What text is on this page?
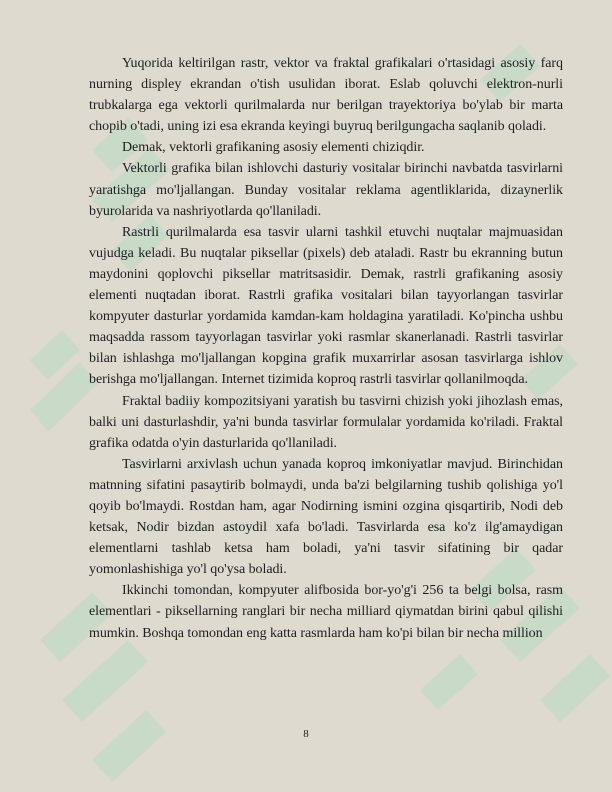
Yuqorida keltirilgan rastr, vektor va fraktal grafikalari o'rtasidagi asosiy farq nurning displey ekrandan o'tish usulidan iborat. Eslab qoluvchi elektron-nurli trubkalarga ega vektorli qurilmalarda nur berilgan trayektoriya bo'ylab bir marta chopib o'tadi, uning izi esa ekranda keyingi buyruq berilgungacha saqlanib qoladi.

Demak, vektorli grafikaning asosiy elementi chiziqdir.

Vektorli grafika bilan ishlovchi dasturiy vositalar birinchi navbatda tasvirlarni yaratishga mo'ljallangan. Bunday vositalar reklama agentliklarida, dizaynerlik byurolarida va nashriyotlarda qo'llaniladi.

Rastrli qurilmalarda esa tasvir ularni tashkil etuvchi nuqtalar majmuasidan vujudga keladi. Bu nuqtalar piksellar (pixels) deb ataladi. Rastr bu ekranning butun maydonini qoplovchi piksellar matritsasidir. Demak, rastrli grafikaning asosiy elementi nuqtadan iborat. Rastrli grafika vositalari bilan tayyorlangan tasvirlar kompyuter dasturlar yordamida kamdan-kam holdagina yaratiladi. Ko'pincha ushbu maqsadda rassom tayyorlagan tasvirlar yoki rasmlar skanerlanadi. Rastrli tasvirlar bilan ishlashga mo'ljallangan kopgina grafik muxarrirlar asosan tasvirlarga ishlov berishga mo'ljallangan. Internet tizimida koproq rastrli tasvirlar qollanilmoqda.

Fraktal badiiy kompozitsiyani yaratish bu tasvirni chizish yoki jihozlash emas, balki uni dasturlashdir, ya'ni bunda tasvirlar formulalar yordamida ko'riladi. Fraktal grafika odatda o'yin dasturlarida qo'llaniladi.

Tasvirlarni arxivlash uchun yanada koproq imkoniyatlar mavjud. Birinchidan matnning sifatini pasaytirib bolmaydi, unda ba'zi belgilarning tushib qolishiga yo'l qoyib bo'lmaydi. Rostdan ham, agar Nodirning ismini ozgina qisqartirib, Nodi deb ketsak, Nodir bizdan astoydil xafa bo'ladi. Tasvirlarda esa ko'z ilg'amaydigan elementlarni tashlab ketsa ham boladi, ya'ni tasvir sifatining bir qadar yomonlashishiga yo'l qo'ysa boladi.

Ikkinchi tomondan, kompyuter alifbosida bor-yo'g'i 256 ta belgi bolsa, rasm elementlari - piksellarning ranglari bir necha milliard qiymatdan birini qabul qilishi mumkin. Boshqa tomondan eng katta rasmlarda ham ko'pi bilan bir necha million

8
